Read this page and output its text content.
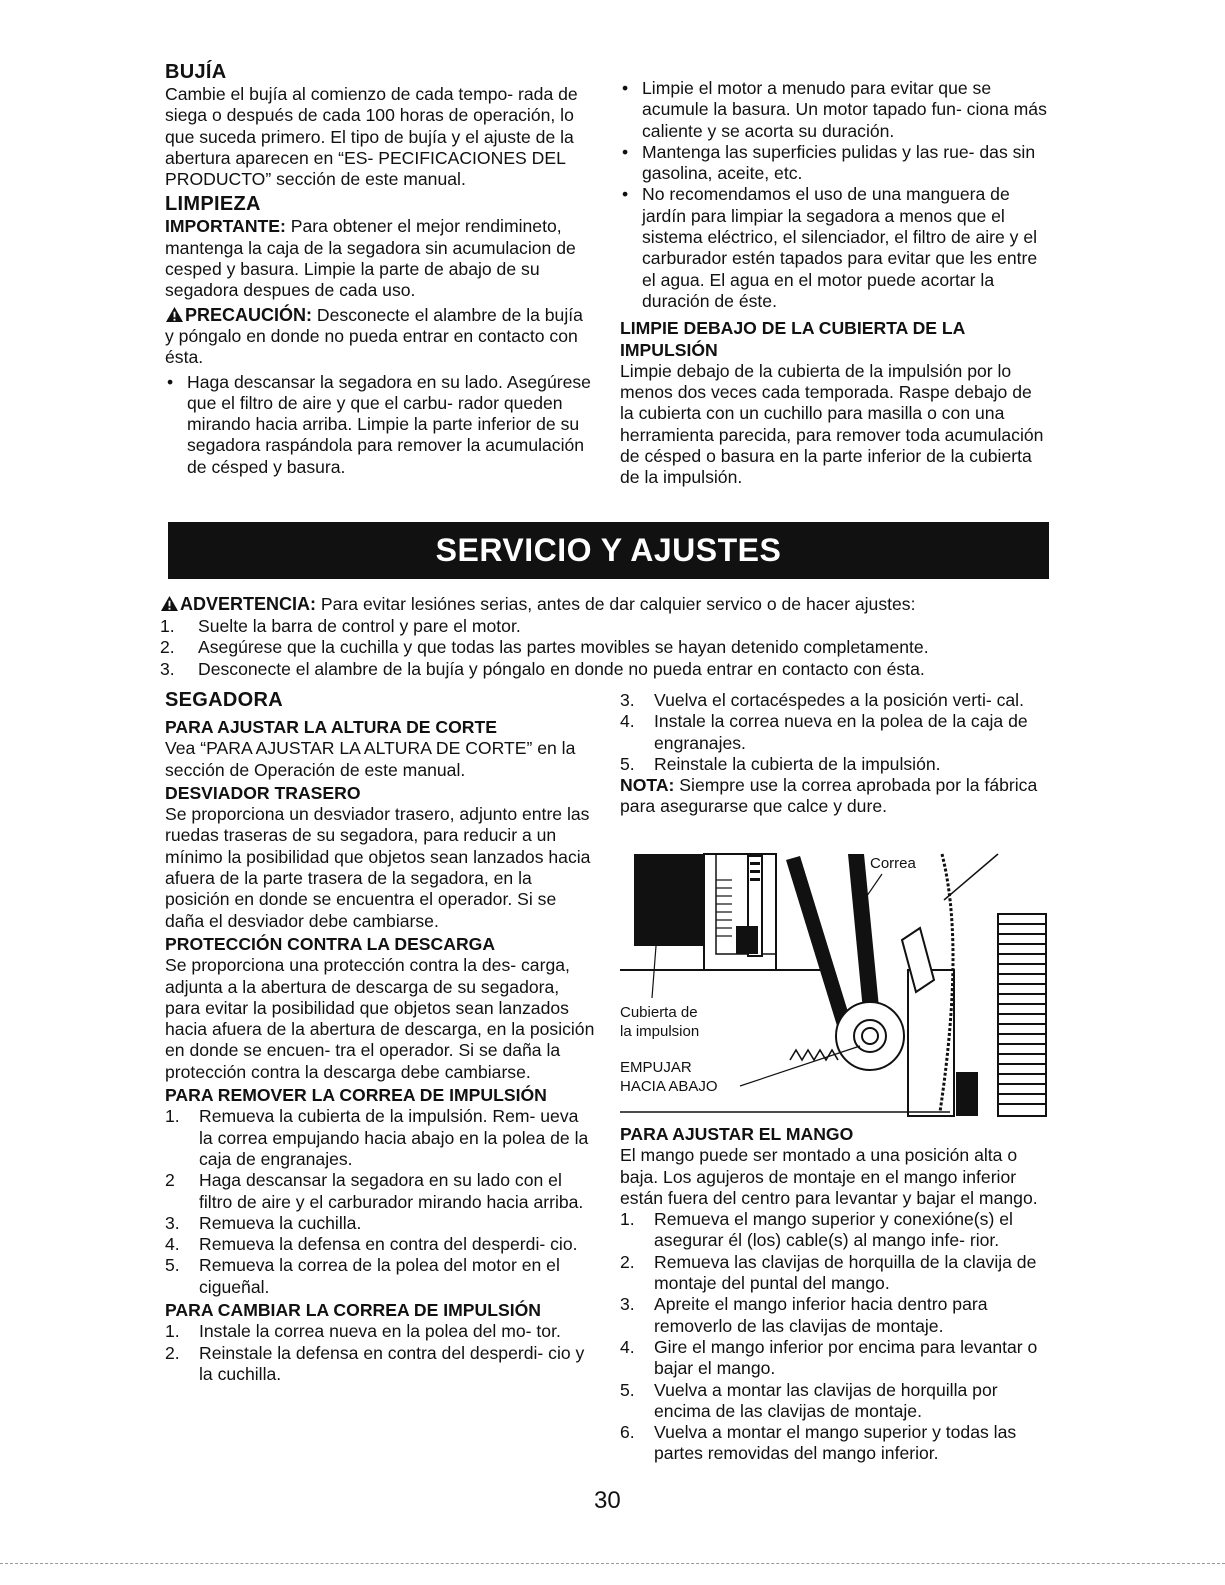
BUJÍA

Cambie el bujía al comienzo de cada tempo- rada de siega o después de cada 100 horas de operación, lo que suceda primero. El tipo de bujía y el ajuste de la abertura aparecen en “ES- PECIFICACIONES DEL PRODUCTO” sección de este manual.

LIMPIEZA

IMPORTANTE: Para obtener el mejor rendimineto, mantenga la caja de la segadora sin acumulacion de cesped y basura. Limpie la parte de abajo de su segadora despues de cada uso.

PRECAUCIÓN: Desconecte el alambre de la bujía y póngalo en donde no pueda entrar en contacto con ésta.

• Haga descansar la segadora en su lado. Asegúrese que el filtro de aire y que el carbu- rador queden mirando hacia arriba. Limpie la parte inferior de su segadora raspándola para remover la acumulación de césped y basura.
• Limpie el motor a menudo para evitar que se acumule la basura. Un motor tapado fun- ciona más caliente y se acorta su duración.
• Mantenga las superficies pulidas y las rue- das sin gasolina, aceite, etc.
• No recomendamos el uso de una manguera de jardín para limpiar la segadora a menos que el sistema eléctrico, el silenciador, el filtro de aire y el carburador estén tapados para evitar que les entre el agua. El agua en el motor puede acortar la duración de éste.
LIMPIE DEBAJO DE LA CUBIERTA DE LA IMPULSIÓN

Limpie debajo de la cubierta de la impulsión por lo menos dos veces cada temporada. Raspe debajo de la cubierta con un cuchillo para masilla o con una herramienta parecida, para remover toda acumulación de césped o basura en la parte inferior de la cubierta de la impulsión.

SERVICIO Y AJUSTES

ADVERTENCIA: Para evitar lesiónes serias, antes de dar calquier servico o de hacer ajustes:

1. Suelte la barra de control y pare el motor.
2. Asegúrese que la cuchilla y que todas las partes movibles se hayan detenido completamente.
3. Desconecte el alambre de la bujía y póngalo en donde no pueda entrar en contacto con ésta.
SEGADORA
PARA AJUSTAR LA ALTURA DE CORTE

Vea “PARA AJUSTAR LA ALTURA DE CORTE” en la sección de Operación de este manual.

DESVIADOR TRASERO

Se proporciona un desviador trasero, adjunto entre las ruedas traseras de su segadora, para reducir a un mínimo la posibilidad que objetos sean lanzados hacia afuera de la parte trasera de la segadora, en la posición en donde se encuentra el operador. Si se daña el desviador debe cambiarse.

PROTECCIÓN CONTRA LA DESCARGA

Se proporciona una protección contra la des- carga, adjunta a la abertura de descarga de su segadora, para evitar la posibilidad que objetos sean lanzados hacia afuera de la abertura de descarga, en la posición en donde se encuen- tra el operador. Si se daña la protección contra la descarga debe cambiarse.

PARA REMOVER LA CORREA DE IMPULSIÓN
1. Remueva la cubierta de la impulsión. Rem- ueva la correa empujando hacia abajo en la polea de la caja de engranajes.
2 Haga descansar la segadora en su lado con el filtro de aire y el carburador mirando hacia arriba.
3. Remueva la cuchilla.
4. Remueva la defensa en contra del desperdi- cio.
5. Remueva la correa de la polea del motor en el cigueñal.
PARA CAMBIAR LA CORREA DE IMPULSIÓN
1. Instale la correa nueva en la polea del mo- tor.
2. Reinstale la defensa en contra del desperdi- cio y la cuchilla.
3. Vuelva el cortacéspedes a la posición verti- cal.
4. Instale la correa nueva en la polea de la caja de engranajes.
5. Reinstale la cubierta de la impulsión.

NOTA: Siempre use la correa aprobada por la fábrica para asegurarse que calce y dure.

Correa
Cubierta de
la impulsion
EMPUJAR
HACIA ABAJO
PARA AJUSTAR EL MANGO

El mango puede ser montado a una posición alta o baja. Los agujeros de montaje en el mango inferior están fuera del centro para levantar y bajar el mango.

1. Remueva el mango superior y conexióne(s) el asegurar él (los) cable(s) al mango infe- rior.
2. Remueva las clavijas de horquilla de la clavija de montaje del puntal del mango.
3. Apreite el mango inferior hacia dentro para removerlo de las clavijas de montaje.
4. Gire el mango inferior por encima para levantar o bajar el mango.
5. Vuelva a montar las clavijas de horquilla por encima de las clavijas de montaje.
6. Vuelva a montar el mango superior y todas las partes removidas del mango inferior.
30
